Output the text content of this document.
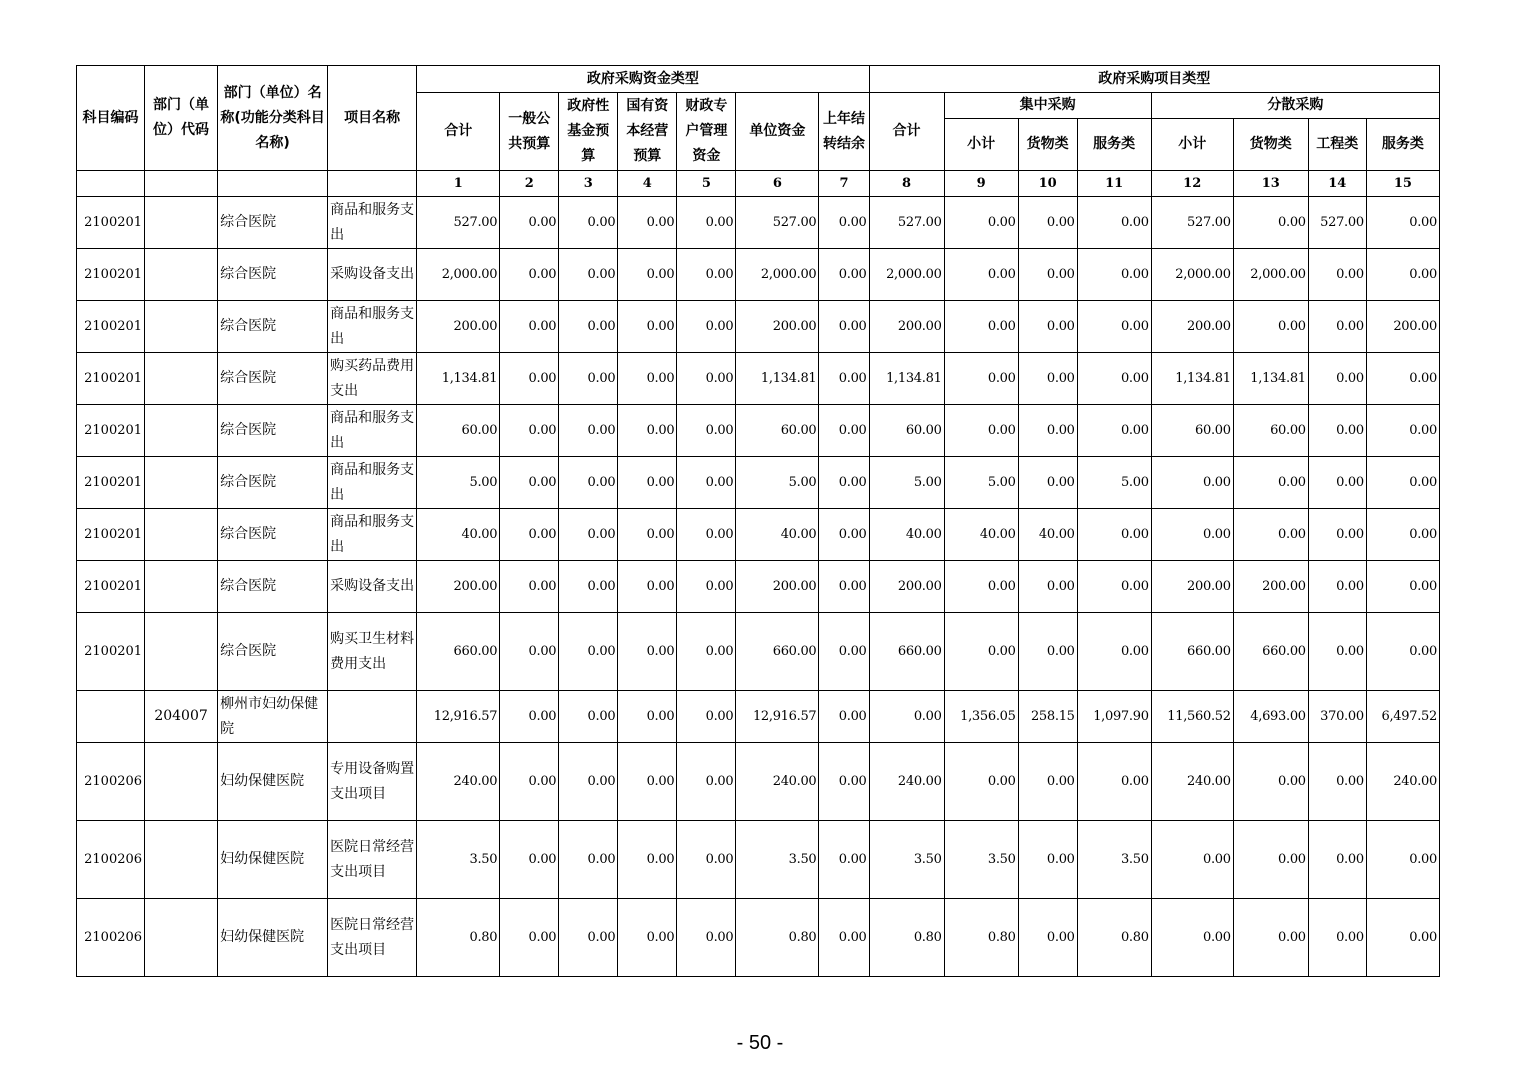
科目编码	部门（单位）代码	部门（单位）名称(功能分类科目名称)	项目名称	政府采购资金类型							政府采购项目类型							
				合计	一般公共预算	政府性基金预算	国有资本经营预算	财政专户管理资金	单位资金	上年结转结余	合计	集中采购			分散采购			
												小计	货物类	服务类	小计	货物类	工程类	服务类
				1	2	3	4	5	6	7	8	9	10	11	12	13	14	15
2100201		综合医院	商品和服务支出	527.00	0.00	0.00	0.00	0.00	527.00	0.00	527.00	0.00	0.00	0.00	527.00	0.00	527.00	0.00
2100201		综合医院	采购设备支出	2,000.00	0.00	0.00	0.00	0.00	2,000.00	0.00	2,000.00	0.00	0.00	0.00	2,000.00	2,000.00	0.00	0.00
2100201		综合医院	商品和服务支出	200.00	0.00	0.00	0.00	0.00	200.00	0.00	200.00	0.00	0.00	0.00	200.00	0.00	0.00	200.00
2100201		综合医院	购买药品费用支出	1,134.81	0.00	0.00	0.00	0.00	1,134.81	0.00	1,134.81	0.00	0.00	0.00	1,134.81	1,134.81	0.00	0.00
2100201		综合医院	商品和服务支出	60.00	0.00	0.00	0.00	0.00	60.00	0.00	60.00	0.00	0.00	0.00	60.00	60.00	0.00	0.00
2100201		综合医院	商品和服务支出	5.00	0.00	0.00	0.00	0.00	5.00	0.00	5.00	5.00	0.00	5.00	0.00	0.00	0.00	0.00
2100201		综合医院	商品和服务支出	40.00	0.00	0.00	0.00	0.00	40.00	0.00	40.00	40.00	40.00	0.00	0.00	0.00	0.00	0.00
2100201		综合医院	采购设备支出	200.00	0.00	0.00	0.00	0.00	200.00	0.00	200.00	0.00	0.00	0.00	200.00	200.00	0.00	0.00
2100201		综合医院	购买卫生材料费用支出	660.00	0.00	0.00	0.00	0.00	660.00	0.00	660.00	0.00	0.00	0.00	660.00	660.00	0.00	0.00
	204007	柳州市妇幼保健院		12,916.57	0.00	0.00	0.00	0.00	12,916.57	0.00	0.00	1,356.05	258.15	1,097.90	11,560.52	4,693.00	370.00	6,497.52
2100206		妇幼保健医院	专用设备购置支出项目	240.00	0.00	0.00	0.00	0.00	240.00	0.00	240.00	0.00	0.00	0.00	240.00	0.00	0.00	240.00
2100206		妇幼保健医院	医院日常经营支出项目	3.50	0.00	0.00	0.00	0.00	3.50	0.00	3.50	3.50	0.00	3.50	0.00	0.00	0.00	0.00
2100206		妇幼保健医院	医院日常经营支出项目	0.80	0.00	0.00	0.00	0.00	0.80	0.00	0.80	0.80	0.00	0.80	0.00	0.00	0.00	0.00
- 50 -
